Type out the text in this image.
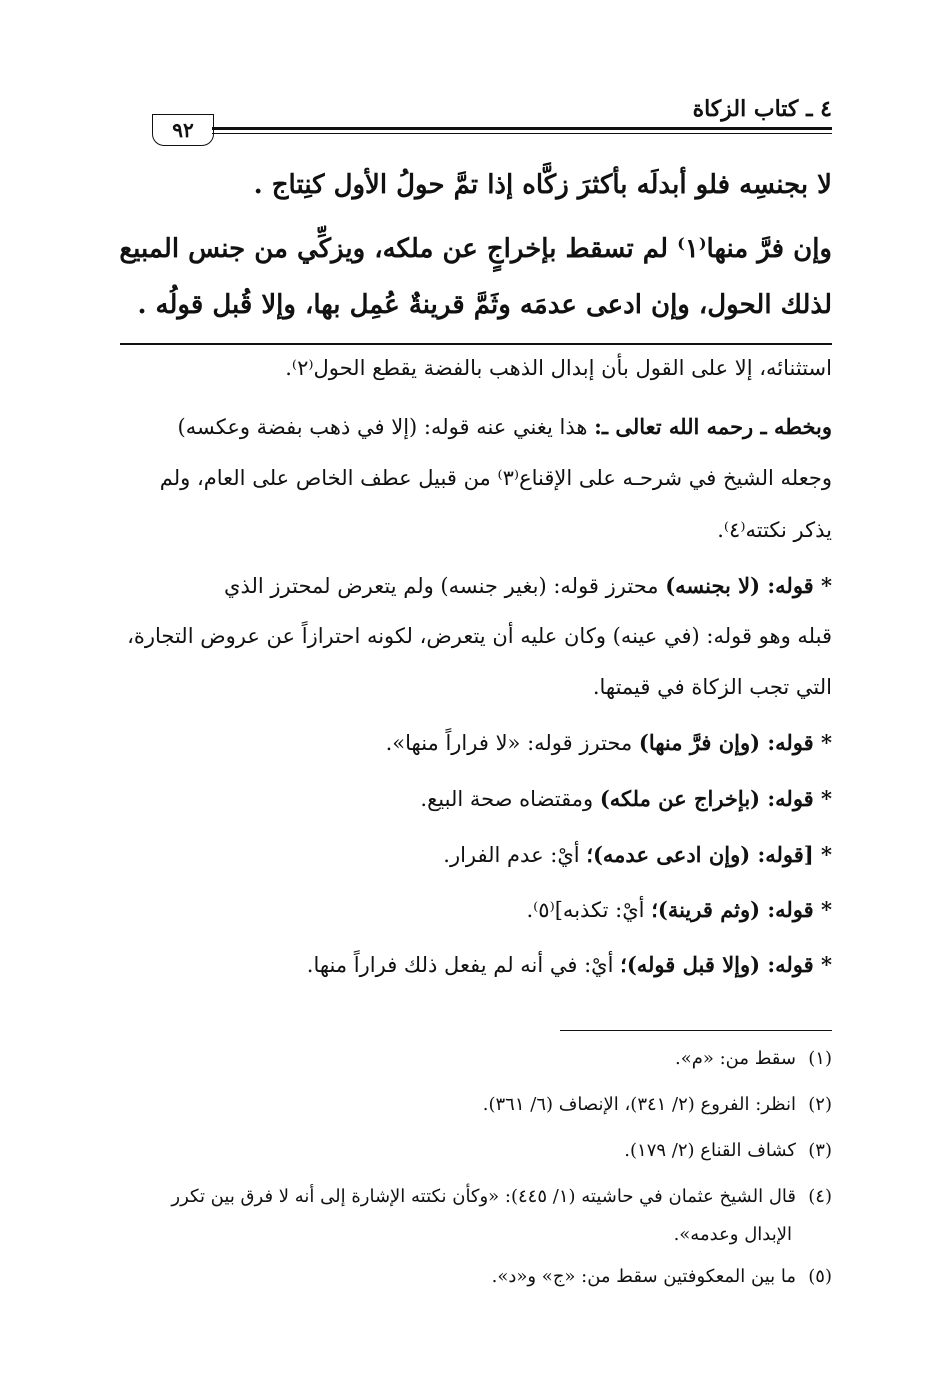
٤ ـ كتاب الزكاة
٩٢
لا بجنسِه فلو أبدلَه بأكثرَ زكَّاه إذا تمَّ حولُ الأول كنِتاج .
وإن فرَّ منها⁽١⁾ لم تسقط بإخراجٍ عن ملكه، ويزكِّي من جنس المبيع
لذلك الحول، وإن ادعى عدمَه وثَمَّ قرينةٌ عُمِل بها، وإلا قُبل قولُه .
استثنائه، إلا على القول بأن إبدال الذهب بالفضة يقطع الحول⁽٢⁾.
وبخطه ـ رحمه الله تعالى ـ: هذا يغني عنه قوله: (إلا في ذهب بفضة وعكسه)
وجعله الشيخ في شرحـه على الإقناع⁽٣⁾ من قبيل عطف الخاص على العام، ولم
يذكر نكتته⁽٤⁾.
* قوله: (لا بجنسه) محترز قوله: (بغير جنسه) ولم يتعرض لمحترز الذي
قبله وهو قوله: (في عينه) وكان عليه أن يتعرض، لكونه احترازاً عن عروض التجارة،
التي تجب الزكاة في قيمتها.
* قوله: (وإن فرَّ منها) محترز قوله: «لا فراراً منها».
* قوله: (بإخراج عن ملكه) ومقتضاه صحة البيع.
* [قوله: (وإن ادعى عدمه)؛ أيْ: عدم الفرار.
* قوله: (وثم قرينة)؛ أيْ: تكذبه]⁽٥⁾.
* قوله: (وإلا قبل قوله)؛ أيْ: في أنه لم يفعل ذلك فراراً منها.
(١)سقط من: «م».
(٢)انظر: الفروع (٢/ ٣٤١)، الإنصاف (٦/ ٣٦١).
(٣)كشاف القناع (٢/ ١٧٩).
(٤)قال الشيخ عثمان في حاشيته (١/ ٤٤٥): «وكأن نكتته الإشارة إلى أنه لا فرق بين تكرر
الإبدال وعدمه».
(٥)ما بين المعكوفتين سقط من: «ج» و«د».
